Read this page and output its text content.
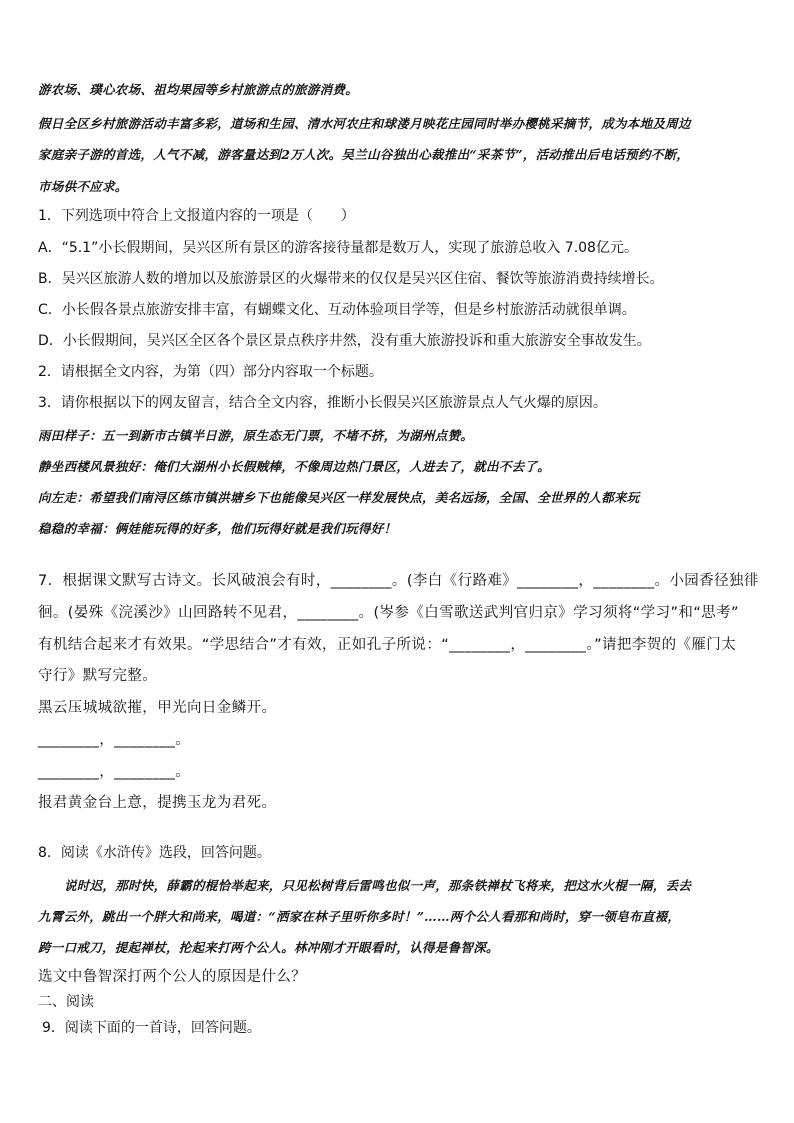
游农场、璞心农场、祖均果园等乡村旅游点的旅游消费。
假日全区乡村旅游活动丰富多彩，道场和生园、清水河农庄和球溇月映花庄园同时举办樱桃采摘节，成为本地及周边
家庭亲子游的首选，人气不减，游客量达到2万人次。吴兰山谷独出心裁推出“采茶节”，活动推出后电话预约不断，
市场供不应求。
1．下列选项中符合上文报道内容的一项是（　　）
A．“5.1”小长假期间，吴兴区所有景区的游客接待量都是数万人，实现了旅游总收入 7.08亿元。
B．吴兴区旅游人数的增加以及旅游景区的火爆带来的仅仅是吴兴区住宿、餐饮等旅游消费持续增长。
C．小长假各景点旅游安排丰富，有蝴蝶文化、互动体验项目学等，但是乡村旅游活动就很单调。
D．小长假期间，吴兴区全区各个景区景点秩序井然，没有重大旅游投诉和重大旅游安全事故发生。
2．请根据全文内容，为第（四）部分内容取一个标题。
3．请你根据以下的网友留言，结合全文内容，推断小长假吴兴区旅游景点人气火爆的原因。
雨田样子：五一到新市古镇半日游，原生态无门票，不堵不挤，为湖州点赞。
静坐西楼风景独好：俺们大湖州小长假贼棒，不像周边热门景区，人进去了，就出不去了。
向左走：希望我们南浔区练市镇洪塘乡下也能像吴兴区一样发展快点，美名远扬，全国、全世界的人都来玩
稳稳的幸福：俩娃能玩得的好多，他们玩得好就是我们玩得好！
7．根据课文默写古诗文。长风破浪会有时，________。(李白《行路难》________，________。小园香径独徘
徊。(晏殊《浣溪沙》山回路转不见君，________。(岑参《白雪歌送武判官归京》学习须将“学习”和“思考”
有机结合起来才有效果。“学思结合”才有效，正如孔子所说：“________，________。”请把李贺的《雁门太
守行》默写完整。
黑云压城城欲摧，甲光向日金鳞开。
________，________。
________，________。
报君黄金台上意，提携玉龙为君死。
8．阅读《水浒传》选段，回答问题。
说时迟，那时快，薛霸的棍恰举起来，只见松树背后雷鸣也似一声，那条铁禅杖飞将来，把这水火棍一隔，丢去
九霄云外，跳出一个胖大和尚来，喝道：“洒家在林子里听你多时！”……两个公人看那和尚时，穿一领皂布直裰，
跨一口戒刀，提起禅杖，抡起来打两个公人。林冲刚才开眼看时，认得是鲁智深。
选文中鲁智深打两个公人的原因是什么？
二、阅读
9．阅读下面的一首诗，回答问题。
